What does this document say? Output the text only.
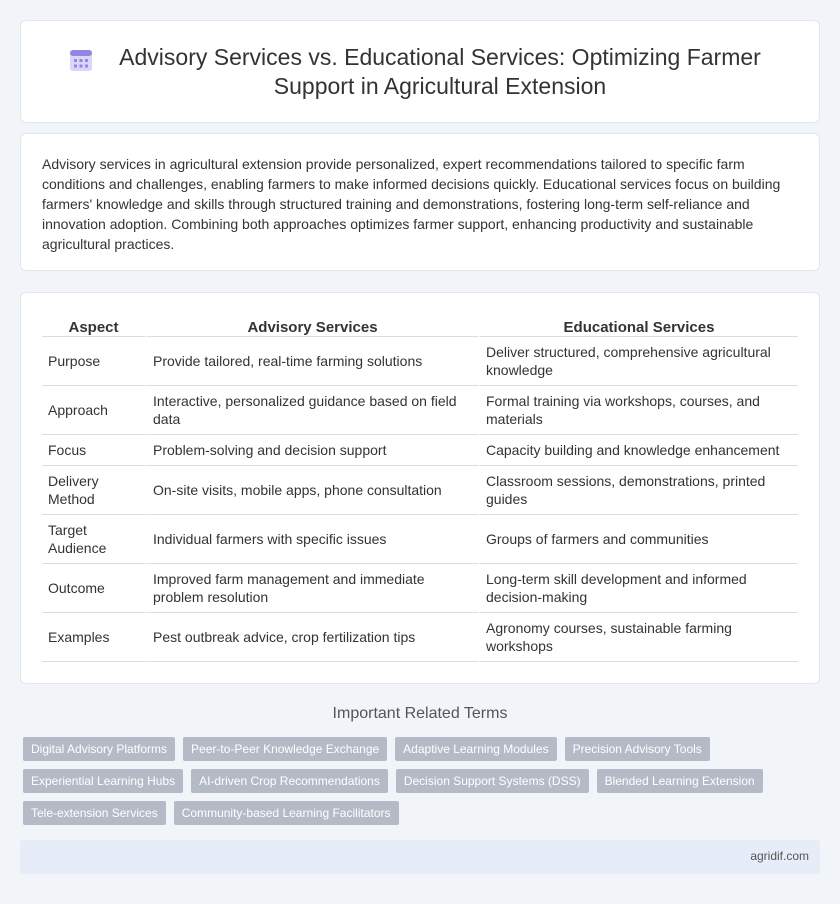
Advisory Services vs. Educational Services: Optimizing Farmer Support in Agricultural Extension

Advisory services in agricultural extension provide personalized, expert recommendations tailored to specific farm conditions and challenges, enabling farmers to make informed decisions quickly. Educational services focus on building farmers' knowledge and skills through structured training and demonstrations, fostering long-term self-reliance and innovation adoption. Combining both approaches optimizes farmer support, enhancing productivity and sustainable agricultural practices.

Aspect	Advisory Services	Educational Services
Purpose	Provide tailored, real-time farming solutions	Deliver structured, comprehensive agricultural knowledge
Approach	Interactive, personalized guidance based on field data	Formal training via workshops, courses, and materials
Focus	Problem-solving and decision support	Capacity building and knowledge enhancement
Delivery Method	On-site visits, mobile apps, phone consultation	Classroom sessions, demonstrations, printed guides
Target Audience	Individual farmers with specific issues	Groups of farmers and communities
Outcome	Improved farm management and immediate problem resolution	Long-term skill development and informed decision-making
Examples	Pest outbreak advice, crop fertilization tips	Agronomy courses, sustainable farming workshops
Important Related Terms
Digital Advisory Platforms	Peer-to-Peer Knowledge Exchange	Adaptive Learning Modules	Precision Advisory Tools
Experiential Learning Hubs	AI-driven Crop Recommendations	Decision Support Systems (DSS)	Blended Learning Extension
Tele-extension Services	Community-based Learning Facilitators
agridif.com
